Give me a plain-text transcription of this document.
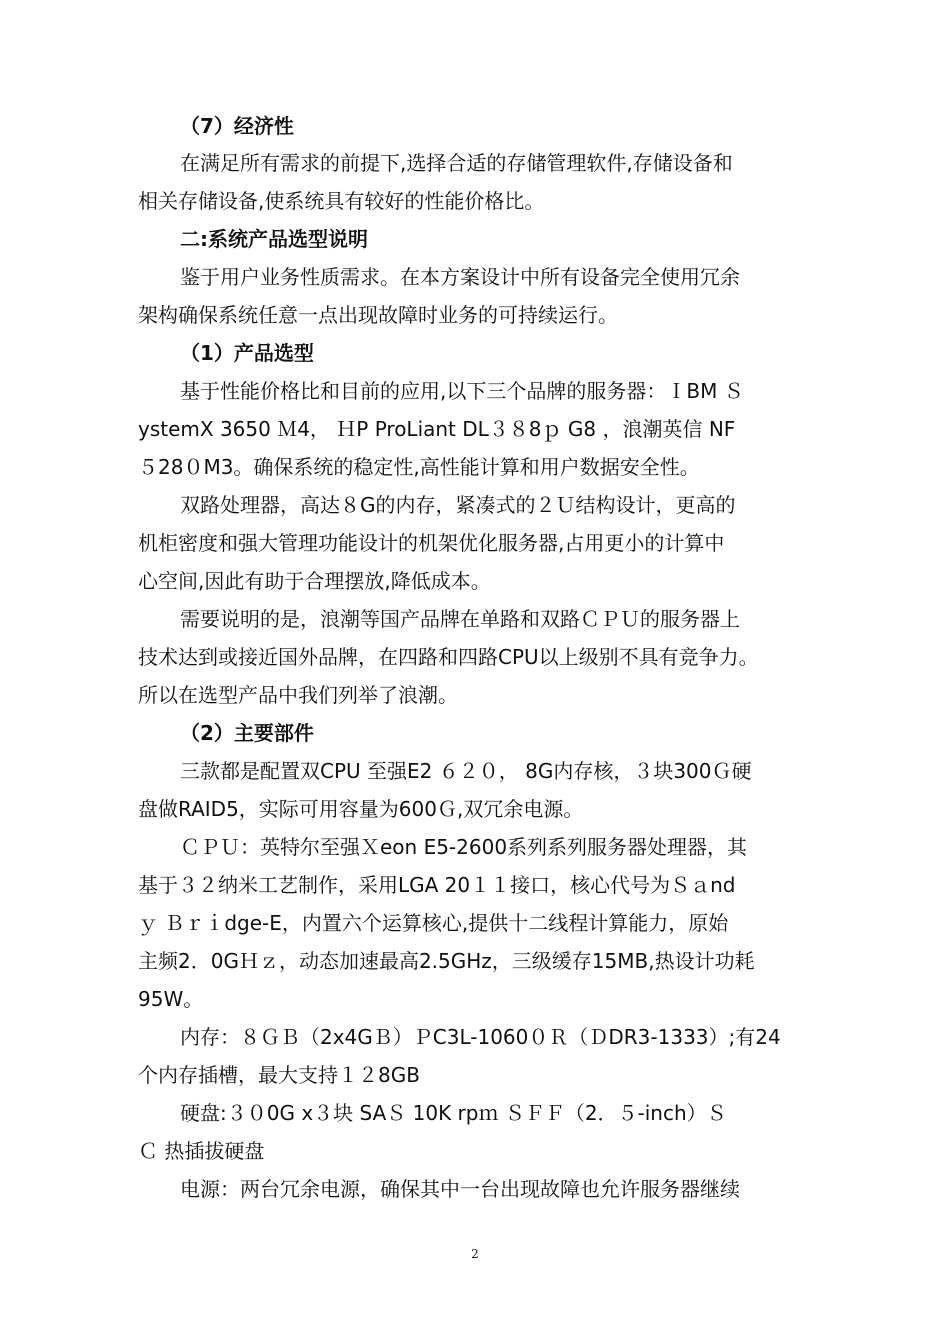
（7）经济性
在满足所有需求的前提下,选择合适的存储管理软件,存储设备和
相关存储设备,使系统具有较好的性能价格比。
二:系统产品选型说明
鉴于用户业务性质需求。在本方案设计中所有设备完全使用冗余
架构确保系统任意一点出现故障时业务的可持续运行。
（1）产品选型
基于性能价格比和目前的应用,以下三个品牌的服务器：ＩBM Ｓ
ystemX 3650 Ｍ4， ＨP ProLiant DL３８8ｐ G8 ，浪潮英信 NF
５28０M3。确保系统的稳定性,高性能计算和用户数据安全性。
双路处理器，高达８G的内存，紧凑式的２Ｕ结构设计，更高的
机柜密度和强大管理功能设计的机架优化服务器,占用更小的计算中
心空间,因此有助于合理摆放,降低成本。
需要说明的是，浪潮等国产品牌在单路和双路ＣＰＵ的服务器上
技术达到或接近国外品牌，在四路和四路CPU以上级别不具有竞争力。
所以在选型产品中我们列举了浪潮。
（2）主要部件
三款都是配置双CPU 至强E2 ６２０， 8G内存核，３块300Ｇ硬
盘做RAID5，实际可用容量为600Ｇ,双冗余电源。
ＣＰＵ：英特尔至强Ｘeon E5-2600系列系列服务器处理器，其
基于３２纳米工艺制作，采用LGA 20１１接口，核心代号为Ｓａnd
ｙ Ｂｒｉdge-E，内置六个运算核心,提供十二线程计算能力，原始
主频2．0GＨｚ，动态加速最高2.5GHz，三级缓存15MB,热设计功耗
95W。
内存：８ＧＢ（2x4GＢ）ＰC3L-1060０Ｒ（ＤDR3-1333）;有24
个内存插槽，最大支持１２8GB
硬盘:３０0G x３块 SAＳ 10K rpｍ ＳＦＦ（2．５-inch）Ｓ
Ｃ 热插拔硬盘
电源：两台冗余电源，确保其中一台出现故障也允许服务器继续
2
